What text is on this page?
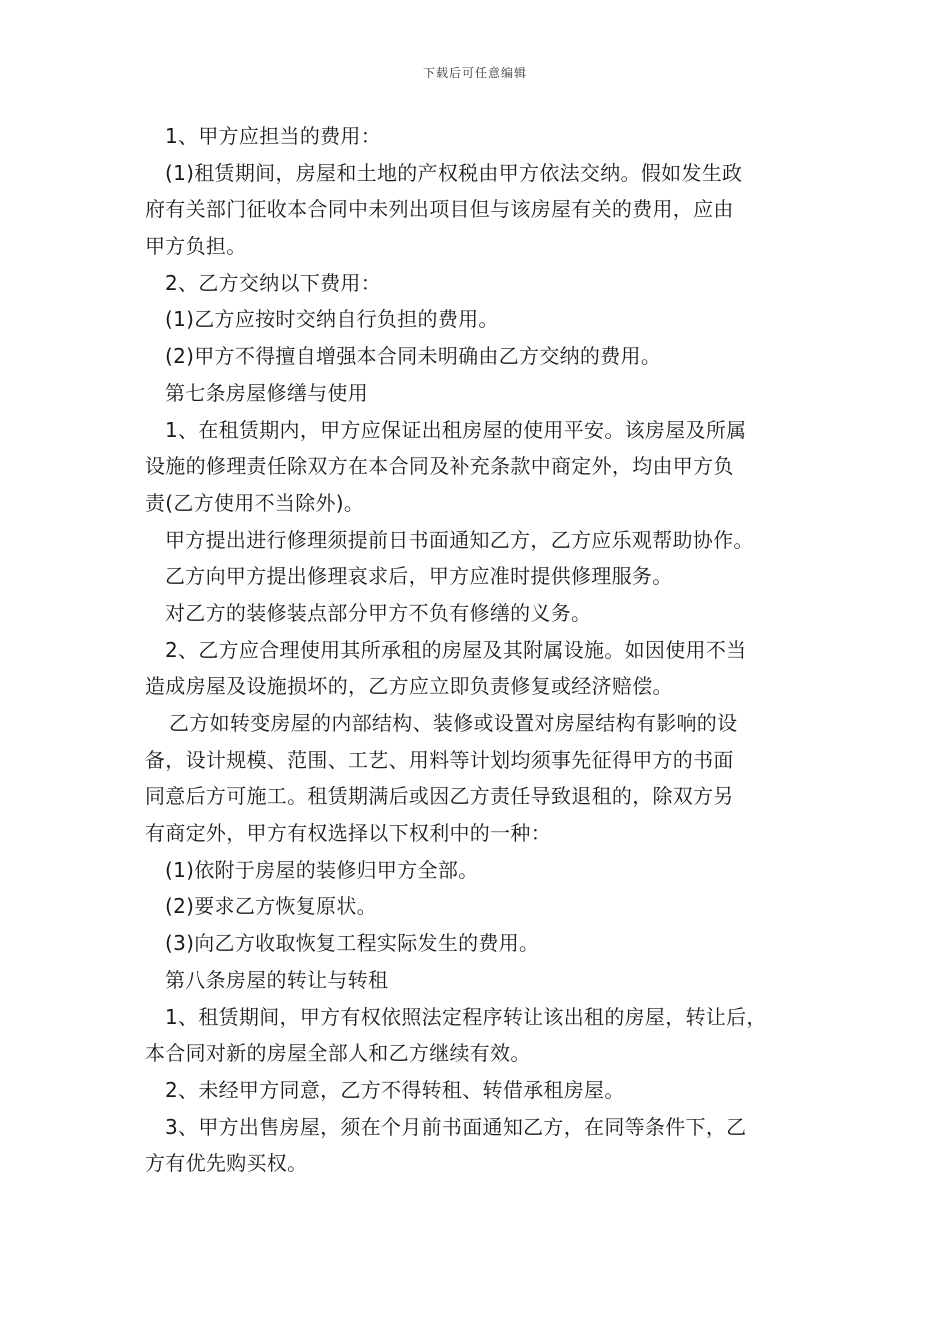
下载后可任意编辑
1、甲方应担当的费用：
(1)租赁期间，房屋和土地的产权税由甲方依法交纳。假如发生政
府有关部门征收本合同中未列出项目但与该房屋有关的费用，应由
甲方负担。
2、乙方交纳以下费用：
(1)乙方应按时交纳自行负担的费用。
(2)甲方不得擅自增强本合同未明确由乙方交纳的费用。
第七条房屋修缮与使用
1、在租赁期内，甲方应保证出租房屋的使用平安。该房屋及所属
设施的修理责任除双方在本合同及补充条款中商定外，均由甲方负
责(乙方使用不当除外)。
甲方提出进行修理须提前日书面通知乙方，乙方应乐观帮助协作。
乙方向甲方提出修理哀求后，甲方应准时提供修理服务。
对乙方的装修装点部分甲方不负有修缮的义务。
2、乙方应合理使用其所承租的房屋及其附属设施。如因使用不当
造成房屋及设施损坏的，乙方应立即负责修复或经济赔偿。
乙方如转变房屋的内部结构、装修或设置对房屋结构有影响的设
备，设计规模、范围、工艺、用料等计划均须事先征得甲方的书面
同意后方可施工。租赁期满后或因乙方责任导致退租的，除双方另
有商定外，甲方有权选择以下权利中的一种：
(1)依附于房屋的装修归甲方全部。
(2)要求乙方恢复原状。
(3)向乙方收取恢复工程实际发生的费用。
第八条房屋的转让与转租
1、租赁期间，甲方有权依照法定程序转让该出租的房屋，转让后，
本合同对新的房屋全部人和乙方继续有效。
2、未经甲方同意，乙方不得转租、转借承租房屋。
3、甲方出售房屋，须在个月前书面通知乙方，在同等条件下，乙
方有优先购买权。
